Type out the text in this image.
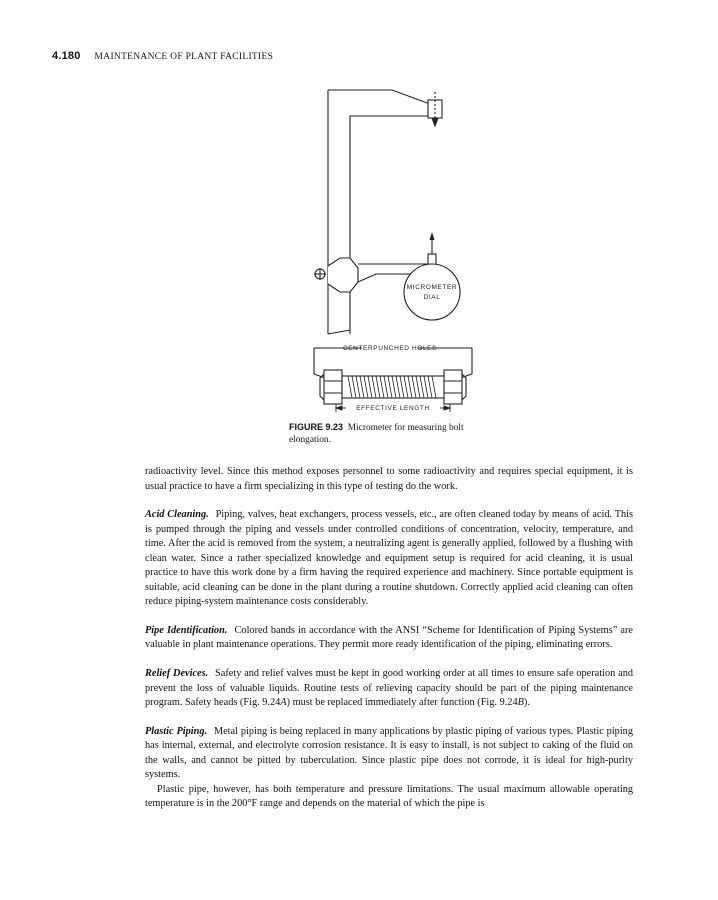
4.180 MAINTENANCE OF PLANT FACILITIES
MICROMETER
DIAL
CENTERPUNCHED HOLES
EFFECTIVE LENGTH
FIGURE 9.23 Micrometer for measuring bolt elongation.

radioactivity level. Since this method exposes personnel to some radioactivity and requires special equipment, it is usual practice to have a firm specializing in this type of testing do the work.

Acid Cleaning. Piping, valves, heat exchangers, process vessels, etc., are often cleaned today by means of acid. This is pumped through the piping and vessels under controlled conditions of concentration, velocity, temperature, and time. After the acid is removed from the system, a neutralizing agent is generally applied, followed by a flushing with clean water. Since a rather specialized knowledge and equipment setup is required for acid cleaning, it is usual practice to have this work done by a firm having the required experience and machinery. Since portable equipment is suitable, acid cleaning can be done in the plant during a routine shutdown. Correctly applied acid cleaning can often reduce piping-system maintenance costs considerably.

Pipe Identification. Colored bands in accordance with the ANSI “Scheme for Identification of Piping Systems” are valuable in plant maintenance operations. They permit more ready identification of the piping, eliminating errors.

Relief Devices. Safety and relief valves must be kept in good working order at all times to ensure safe operation and prevent the loss of valuable liquids. Routine tests of relieving capacity should be part of the piping maintenance program. Safety heads (Fig. 9.24A) must be replaced immediately after function (Fig. 9.24B).

Plastic Piping. Metal piping is being replaced in many applications by plastic piping of various types. Plastic piping has internal, external, and electrolyte corrosion resistance. It is easy to install, is not subject to caking of the fluid on the walls, and cannot be pitted by tuberculation. Since plastic pipe does not corrode, it is ideal for high-purity systems.

Plastic pipe, however, has both temperature and pressure limitations. The usual maximum allowable operating temperature is in the 200°F range and depends on the material of which the pipe is
